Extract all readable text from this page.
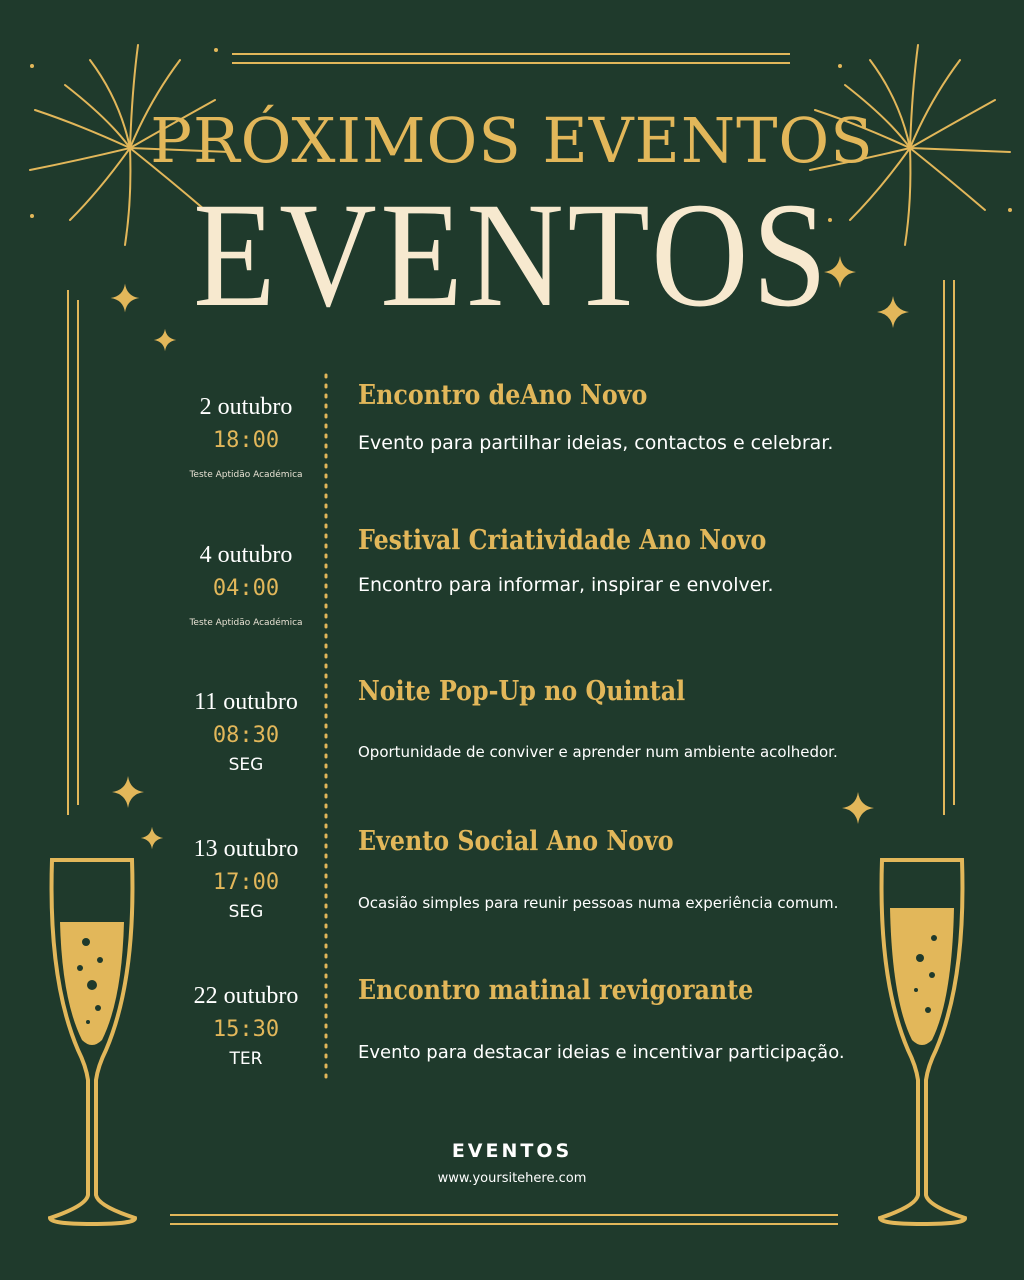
PRÓXIMOS EVENTOS
EVENTOS
2 outubro
18:00
Teste Aptidão Académica
Encontro deAno Novo
Evento para partilhar ideias, contactos e celebrar.
4 outubro
04:00
Teste Aptidão Académica
Festival Criatividade Ano Novo
Encontro para informar, inspirar e envolver.
11 outubro
08:30
SEG
Noite Pop-Up no Quintal
Oportunidade de conviver e aprender num ambiente acolhedor.
13 outubro
17:00
SEG
Evento Social Ano Novo
Ocasião simples para reunir pessoas numa experiência comum.
22 outubro
15:30
TER
Encontro matinal revigorante
Evento para destacar ideias e incentivar participação.
EVENTOS
www.yoursitehere.com
